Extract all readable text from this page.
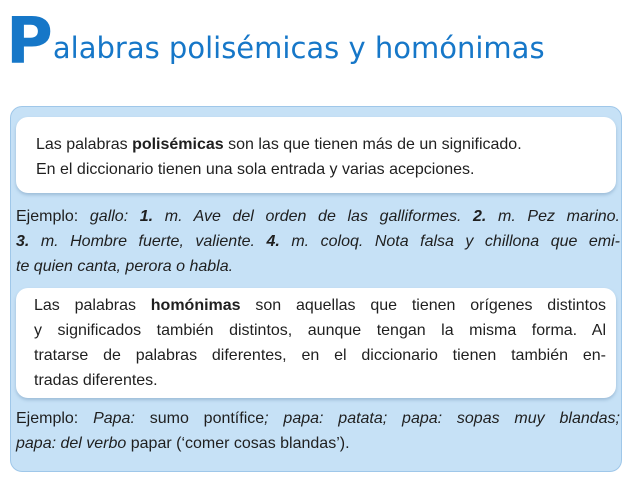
P alabras polisémicas y homónimas
Las palabras polisémicas son las que tienen más de un significado.
En el diccionario tienen una sola entrada y varias acepciones.
Ejemplo: gallo: 1. m. Ave del orden de las galliformes. 2. m. Pez marino.
3. m. Hombre fuerte, valiente. 4. m. coloq. Nota falsa y chillona que emi-
te quien canta, perora o habla.
Las palabras homónimas son aquellas que tienen orígenes distintos
y significados también distintos, aunque tengan la misma forma. Al
tratarse de palabras diferentes, en el diccionario tienen también en-
tradas diferentes.
Ejemplo: Papa: sumo pontífice; papa: patata; papa: sopas muy blandas;
papa: del verbo papar (‘comer cosas blandas’).
